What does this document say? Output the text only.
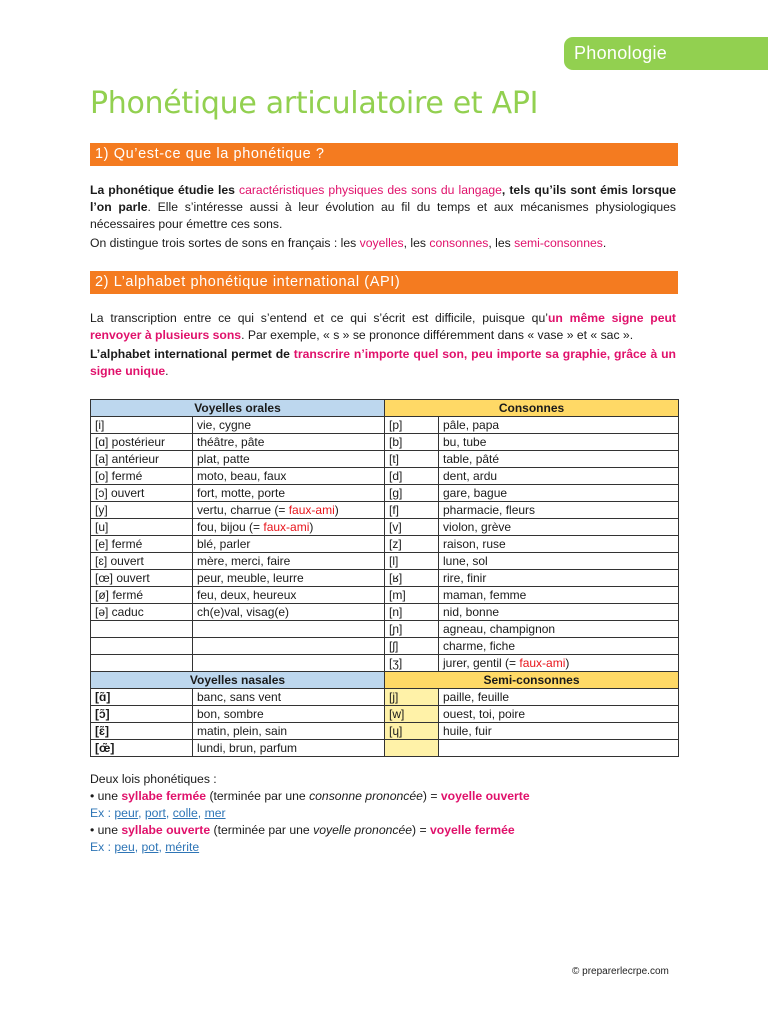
Phonologie
Phonétique articulatoire et API
1) Qu’est-ce que la phonétique ?

La phonétique étudie les caractéristiques physiques des sons du langage, tels qu’ils sont émis lorsque l’on parle. Elle s’intéresse aussi à leur évolution au fil du temps et aux mécanismes physiologiques nécessaires pour émettre ces sons.

On distingue trois sortes de sons en français : les voyelles, les consonnes, les semi-consonnes.

2) L’alphabet phonétique international (API)

La transcription entre ce qui s’entend et ce qui s’écrit est difficile, puisque qu’un même signe peut renvoyer à plusieurs sons. Par exemple, « s » se prononce différemment dans « vase » et « sac ».

L’alphabet international permet de transcrire n’importe quel son, peu importe sa graphie, grâce à un signe unique.

Voyelles orales		Consonnes	
[i]	vie, cygne	[p]	pâle, papa
[ɑ] postérieur	théâtre, pâte	[b]	bu, tube
[a] antérieur	plat, patte	[t]	table, pâté
[o] fermé	moto, beau, faux	[d]	dent, ardu
[ɔ] ouvert	fort, motte, porte	[g]	gare, bague
[y]	vertu, charrue (= faux-ami)	[f]	pharmacie, fleurs
[u]	fou, bijou (= faux-ami)	[v]	violon, grève
[e] fermé	blé, parler	[z]	raison, ruse
[ɛ] ouvert	mère, merci, faire	[l]	lune, sol
[œ] ouvert	peur, meuble, leurre	[ʁ]	rire, finir
[ø] fermé	feu, deux, heureux	[m]	maman, femme
[ə] caduc	ch(e)val, visag(e)	[n]	nid, bonne
		[ɲ]	agneau, champignon
		[ʃ]	charme, fiche
		[ʒ]	jurer, gentil (= faux-ami)
Voyelles nasales		Semi-consonnes	
[ɑ̃]	banc, sans vent	[j]	paille, feuille
[ɔ̃]	bon, sombre	[w]	ouest, toi, poire
[ɛ̃]	matin, plein, sain	[ɥ]	huile, fuir
[œ̃]	lundi, brun, parfum		
Deux lois phonétiques :
• une syllabe fermée (terminée par une consonne prononcée) = voyelle ouverte
Ex : peur, port, colle, mer
• une syllabe ouverte (terminée par une voyelle prononcée) = voyelle fermée
Ex : peu, pot, mérite
© preparerlecrpe.com
